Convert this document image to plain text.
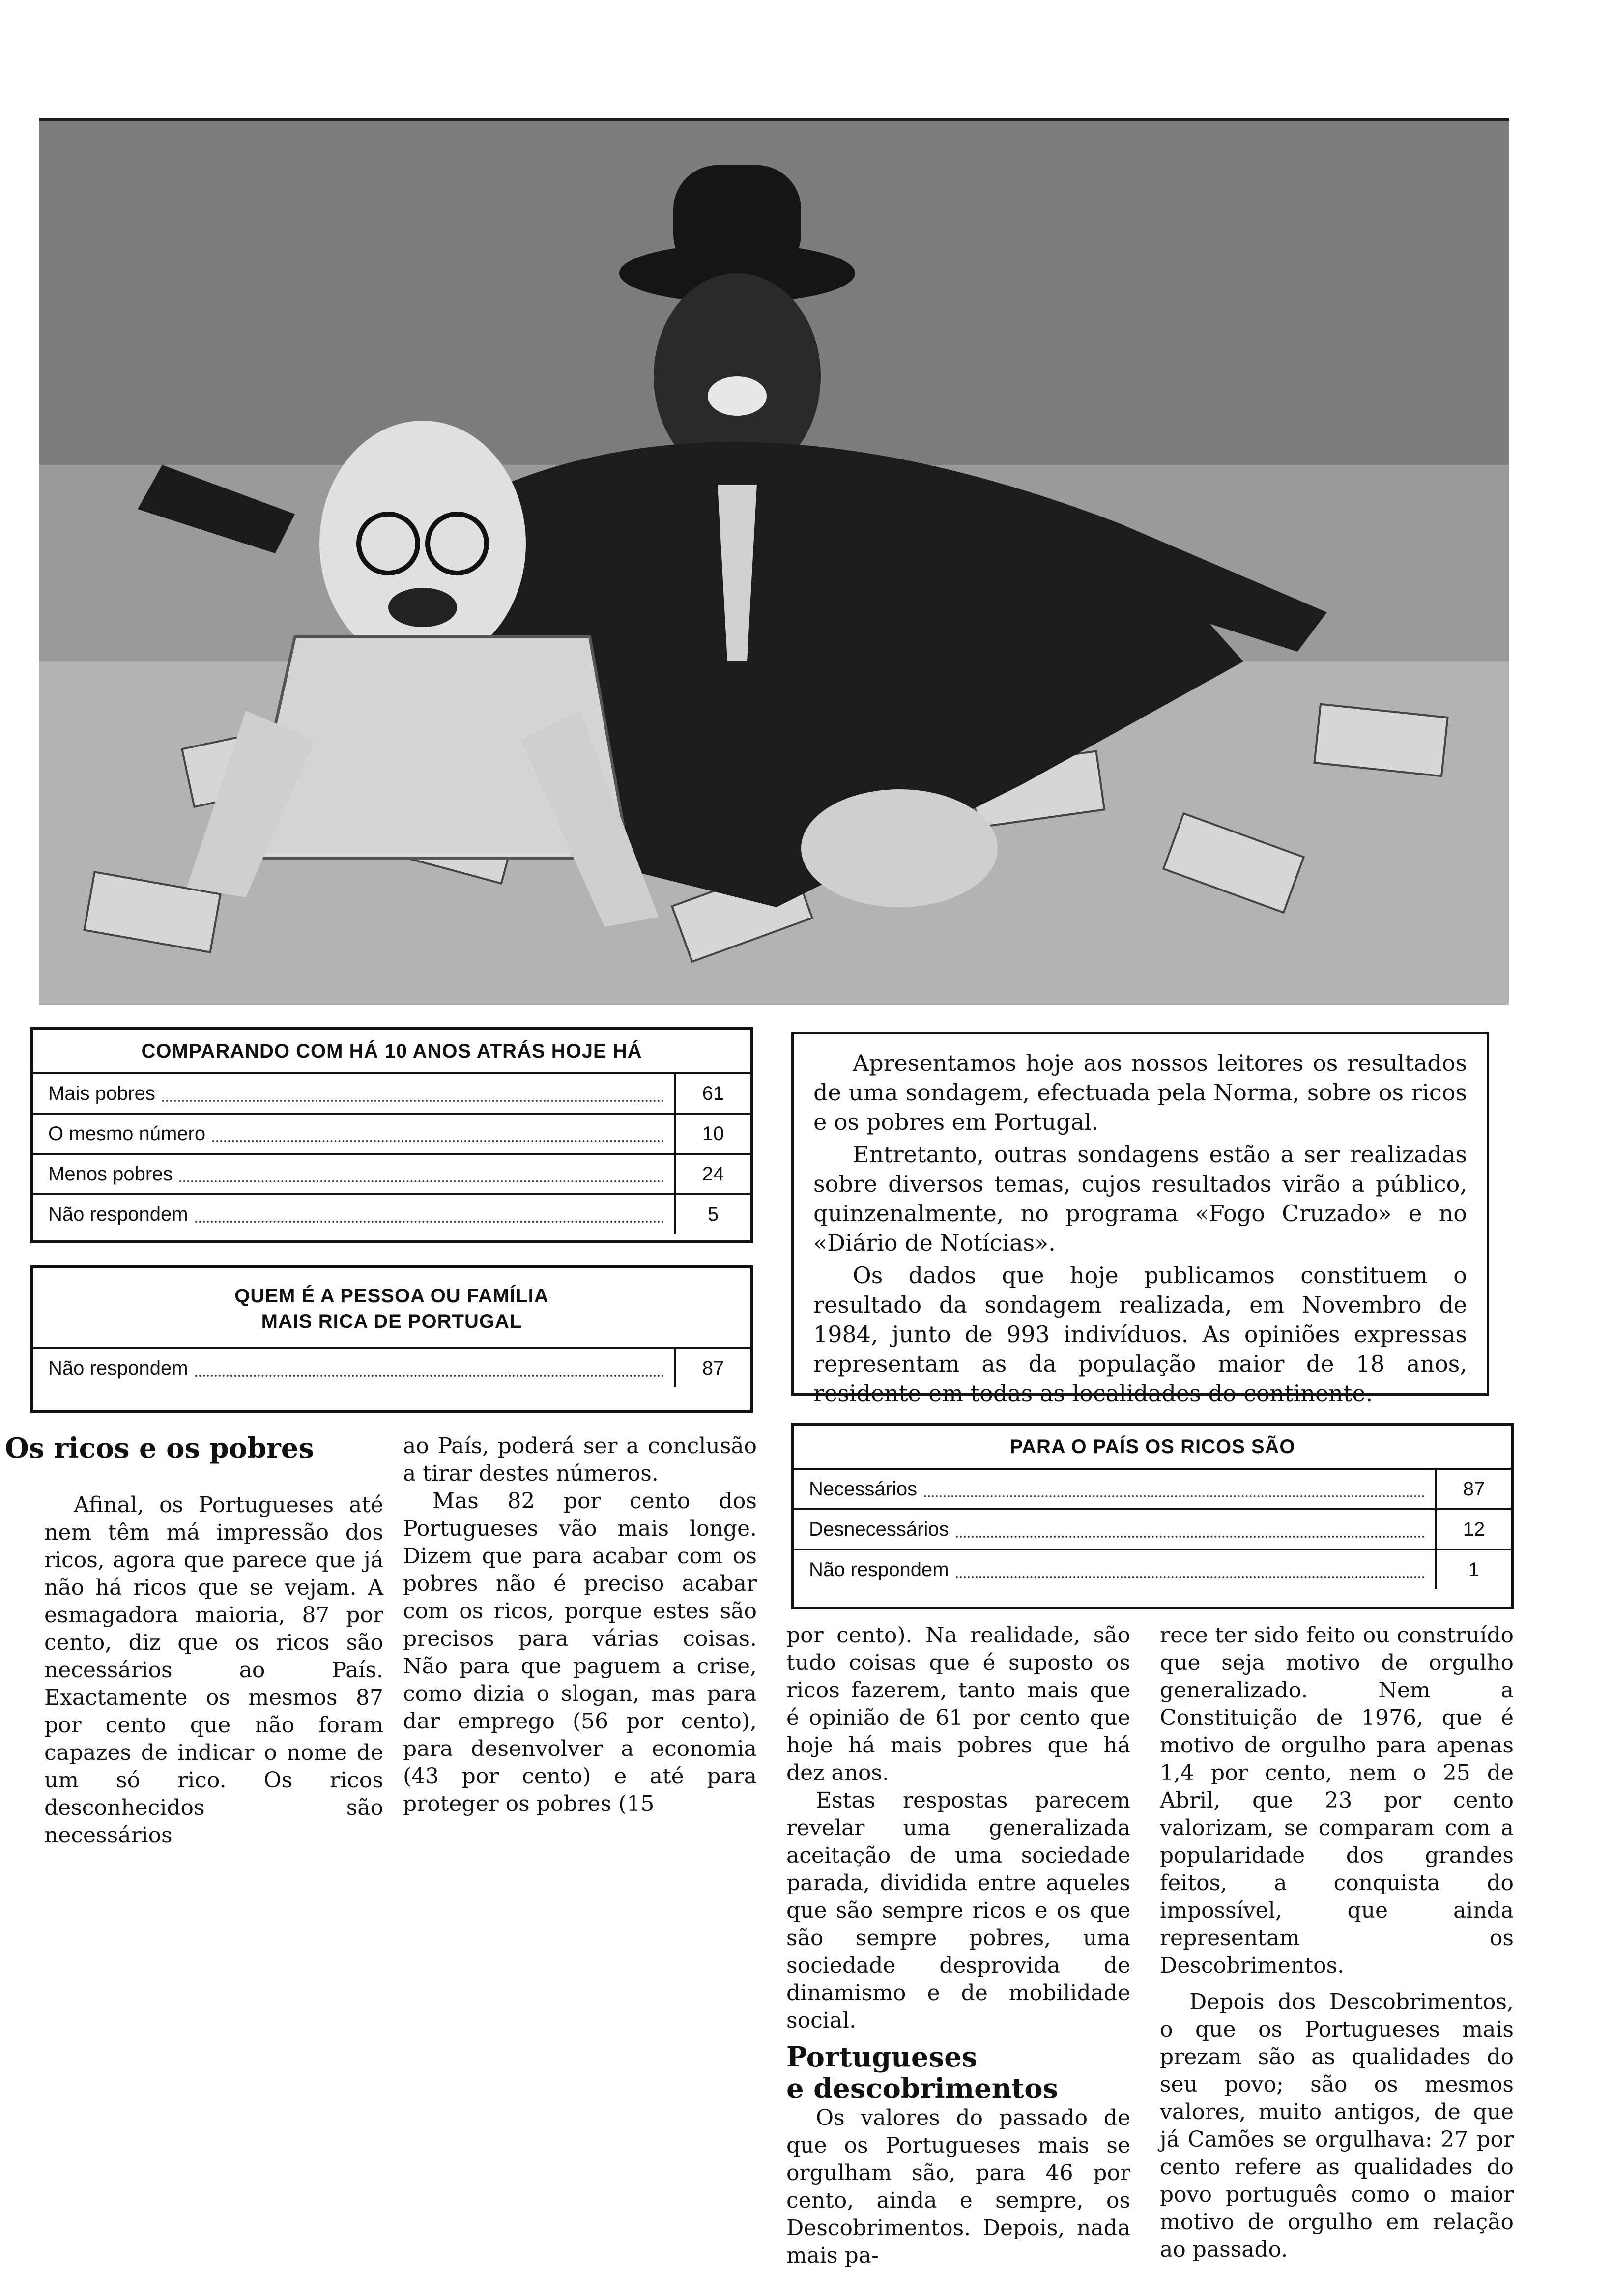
COMPARANDO COM HÁ 10 ANOS ATRÁS HOJE HÁ
Mais pobres	61
O mesmo número	10
Menos pobres	24
Não respondem	5
QUEM É A PESSOA OU FAMÍLIA
MAIS RICA DE PORTUGAL
Não respondem	87

Apresentamos hoje aos nossos leitores os resultados de uma sondagem, efectuada pela Norma, sobre os ricos e os pobres em Portugal.

Entretanto, outras sondagens estão a ser realizadas sobre diversos temas, cujos resultados virão a público, quinzenalmente, no programa «Fogo Cruzado» e no «Diário de Notícias».

Os dados que hoje publicamos constituem o resultado da sondagem realizada, em Novembro de 1984, junto de 993 indivíduos. As opiniões expressas representam as da população maior de 18 anos, residente em todas as localidades do continente.

PARA O PAÍS OS RICOS SÃO
Necessários	87
Desnecessários	12
Não respondem	1
Os ricos e os pobres

Afinal, os Portugueses até nem têm má impressão dos ricos, agora que parece que já não há ricos que se vejam. A esmagadora maioria, 87 por cento, diz que os ricos são necessários ao País. Exactamente os mesmos 87 por cento que não foram capazes de indicar o nome de um só rico. Os ricos desconhecidos são necessários

ao País, poderá ser a conclusão a tirar destes números.

Mas 82 por cento dos Portugueses vão mais longe. Dizem que para acabar com os pobres não é preciso acabar com os ricos, porque estes são precisos para várias coisas. Não para que paguem a crise, como dizia o slogan, mas para dar emprego (56 por cento), para desenvolver a economia (43 por cento) e até para proteger os pobres (15

por cento). Na realidade, são tudo coisas que é suposto os ricos fazerem, tanto mais que é opinião de 61 por cento que hoje há mais pobres que há dez anos.

Estas respostas parecem revelar uma generalizada aceitação de uma sociedade parada, dividida entre aqueles que são sempre ricos e os que são sempre pobres, uma sociedade desprovida de dinamismo e de mobilidade social.

Portugueses
e descobrimentos

Os valores do passado de que os Portugueses mais se orgulham são, para 46 por cento, ainda e sempre, os Descobrimentos. Depois, nada mais pa-

rece ter sido feito ou construído que seja motivo de orgulho generalizado. Nem a Constituição de 1976, que é motivo de orgulho para apenas 1,4 por cento, nem o 25 de Abril, que 23 por cento valorizam, se comparam com a popularidade dos grandes feitos, a conquista do impossível, que ainda representam os Descobrimentos.

Depois dos Descobrimentos, o que os Portugueses mais prezam são as qualidades do seu povo; são os mesmos valores, muito antigos, de que já Camões se orgulhava: 27 por cento refere as qualidades do povo português como o maior motivo de orgulho em relação ao passado.
